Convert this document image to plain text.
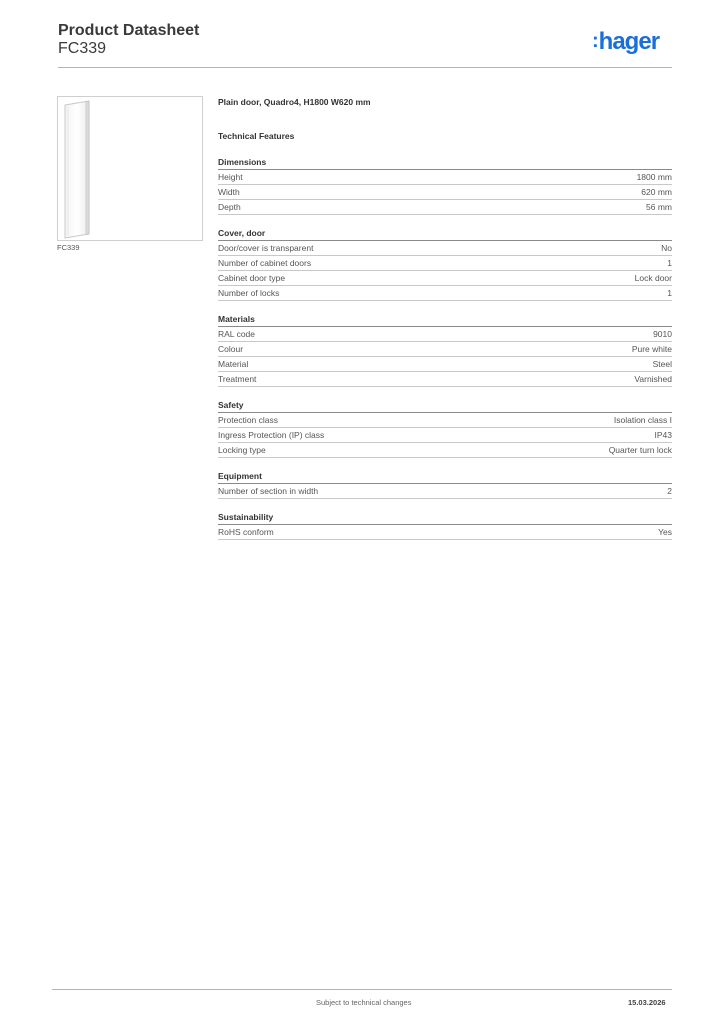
Product Datasheet
FC339	:hager
FC339
Plain door, Quadro4, H1800 W620 mm
Technical Features
Dimensions
Height	1800 mm
Width	620 mm
Depth	56 mm
Cover, door
Door/cover is transparent	No
Number of cabinet doors	1
Cabinet door type	Lock door
Number of locks	1
Materials
RAL code	9010
Colour	Pure white
Material	Steel
Treatment	Varnished
Safety
Protection class	Isolation class I
Ingress Protection (IP) class	IP43
Locking type	Quarter turn lock
Equipment
Number of section in width	2
Sustainability
RoHS conform	Yes
Subject to technical changes	15.03.2026
